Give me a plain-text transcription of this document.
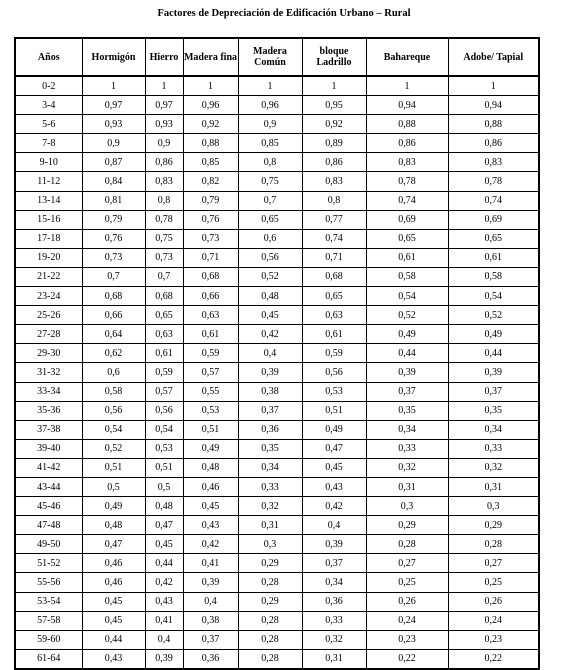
Factores de Depreciación de Edificación Urbano – Rural
Años	Hormigón	Hierro	Madera fina	Madera Común	bloque Ladrillo	Bahareque	Adobe/ Tapial
0-2	1	1	1	1	1	1	1
3-4	0,97	0,97	0,96	0,96	0,95	0,94	0,94
5-6	0,93	0,93	0,92	0,9	0,92	0,88	0,88
7-8	0,9	0,9	0,88	0,85	0,89	0,86	0,86
9-10	0,87	0,86	0,85	0,8	0,86	0,83	0,83
11-12	0,84	0,83	0,82	0,75	0,83	0,78	0,78
13-14	0,81	0,8	0,79	0,7	0,8	0,74	0,74
15-16	0,79	0,78	0,76	0,65	0,77	0,69	0,69
17-18	0,76	0,75	0,73	0,6	0,74	0,65	0,65
19-20	0,73	0,73	0,71	0,56	0,71	0,61	0,61
21-22	0,7	0,7	0,68	0,52	0,68	0,58	0,58
23-24	0,68	0,68	0,66	0,48	0,65	0,54	0,54
25-26	0,66	0,65	0,63	0,45	0,63	0,52	0,52
27-28	0,64	0,63	0,61	0,42	0,61	0,49	0,49
29-30	0,62	0,61	0,59	0,4	0,59	0,44	0,44
31-32	0,6	0,59	0,57	0,39	0,56	0,39	0,39
33-34	0,58	0,57	0,55	0,38	0,53	0,37	0,37
35-36	0,56	0,56	0,53	0,37	0,51	0,35	0,35
37-38	0,54	0,54	0,51	0,36	0,49	0,34	0,34
39-40	0,52	0,53	0,49	0,35	0,47	0,33	0,33
41-42	0,51	0,51	0,48	0,34	0,45	0,32	0,32
43-44	0,5	0,5	0,46	0,33	0,43	0,31	0,31
45-46	0,49	0,48	0,45	0,32	0,42	0,3	0,3
47-48	0,48	0,47	0,43	0,31	0,4	0,29	0,29
49-50	0,47	0,45	0,42	0,3	0,39	0,28	0,28
51-52	0,46	0,44	0,41	0,29	0,37	0,27	0,27
55-56	0,46	0,42	0,39	0,28	0,34	0,25	0,25
53-54	0,45	0,43	0,4	0,29	0,36	0,26	0,26
57-58	0,45	0,41	0,38	0,28	0,33	0,24	0,24
59-60	0,44	0,4	0,37	0,28	0,32	0,23	0,23
61-64	0,43	0,39	0,36	0,28	0,31	0,22	0,22
